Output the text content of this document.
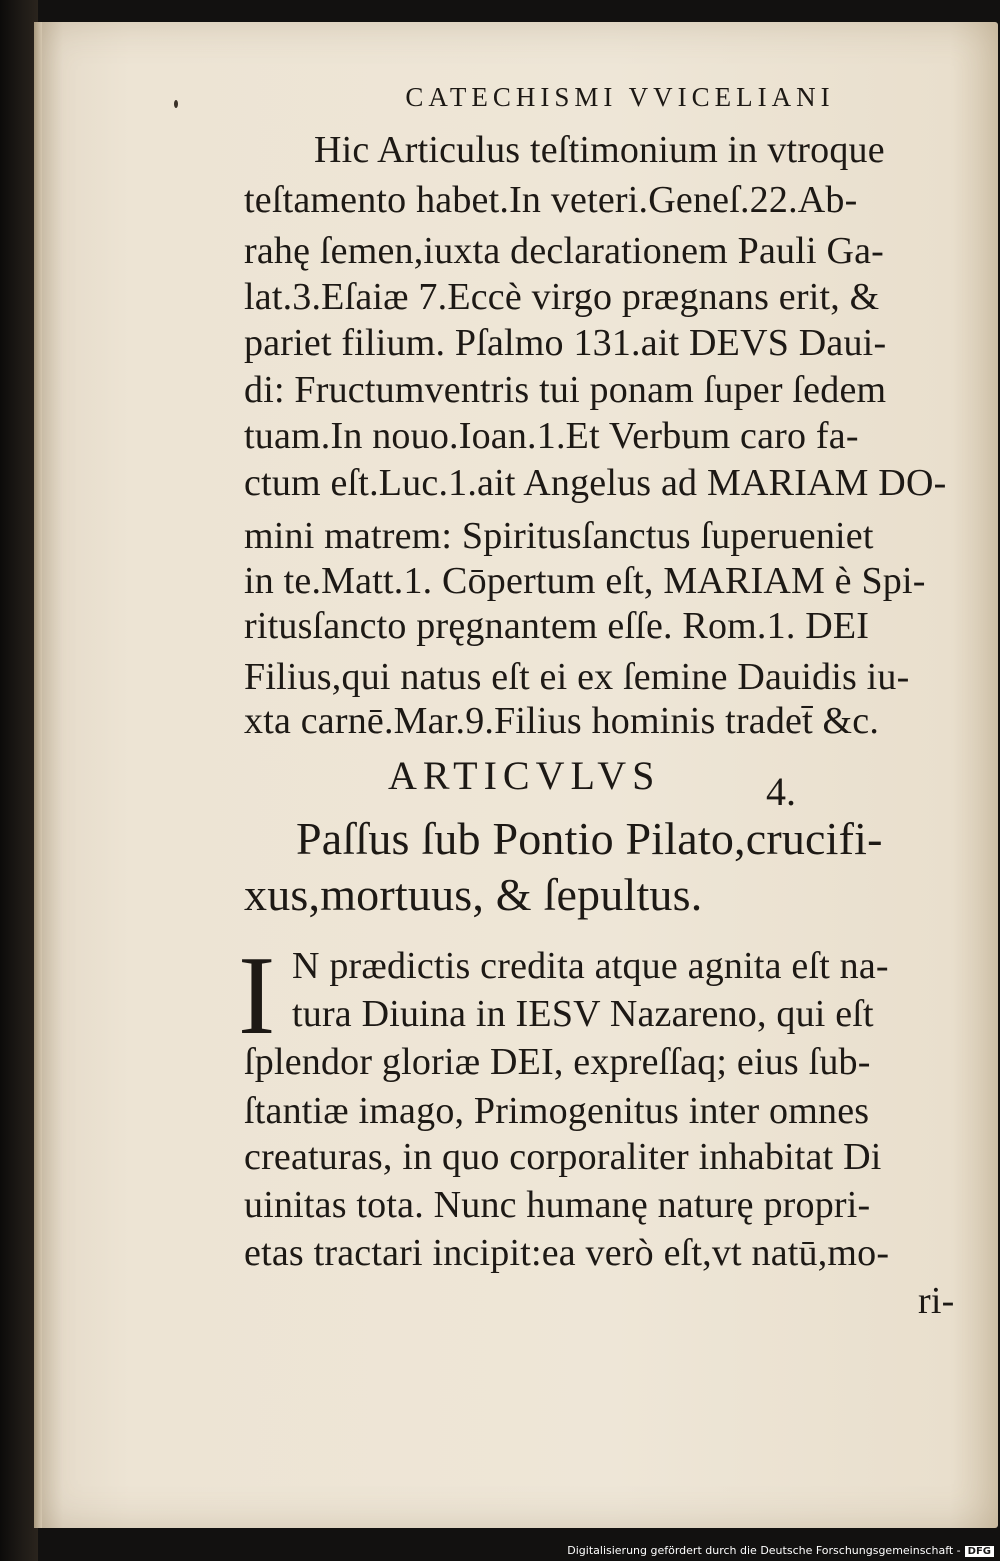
CATECHISMI VVICELIANI
Hic Articulus teſtimonium in vtroque
teſtamento habet.In veteri.Geneſ.22.Ab-
rahę ſemen,iuxta declarationem Pauli Ga-
lat.3.Eſaiæ 7.Eccè virgo prægnans erit, &
pariet filium. Pſalmo 131.ait DEVS Daui-
di: Fructumventris tui ponam ſuper ſedem
tuam.In nouo.Ioan.1.Et Verbum caro fa-
ctum eſt.Luc.1.ait Angelus ad MARIAM DO-
mini matrem: Spiritusſanctus ſuperueniet
in te.Matt.1. Cōpertum eſt, MARIAM è Spi-
ritusſancto pręgnantem eſſe. Rom.1. DEI
Filius,qui natus eſt ei ex ſemine Dauidis iu-
xta carnē.Mar.9.Filius hominis tradet̄ &c.
ARTICVLVS	4.
Paſſus ſub Pontio Pilato,crucifi-
xus,mortuus, & ſepultus.
I N prædictis credita atque agnita eſt na-
tura Diuina in IESV Nazareno, qui eſt
ſplendor gloriæ DEI, expreſſaq; eius ſub-
ſtantiæ imago, Primogenitus inter omnes
creaturas, in quo corporaliter inhabitat Di
uinitas tota. Nunc humanę naturę propri-
etas tractari incipit:ea verò eſt,vt natū,mo-
ri-
Digitalisierung gefördert durch die Deutsche Forschungsgemeinschaft - DFG
